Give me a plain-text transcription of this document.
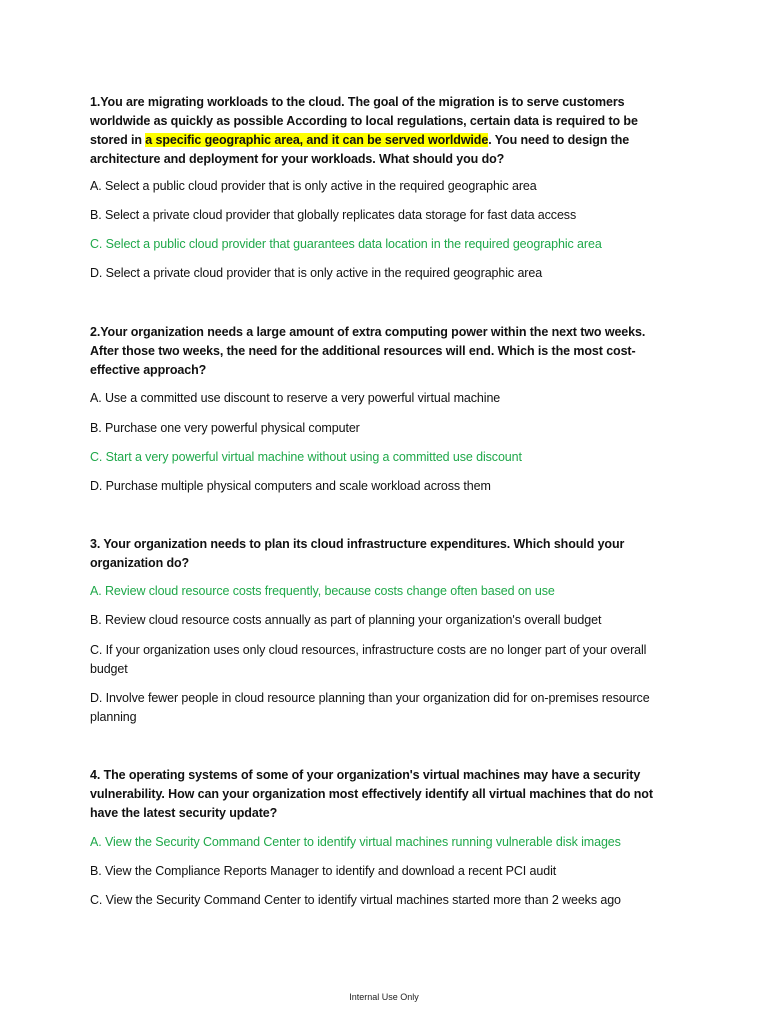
1.You are migrating workloads to the cloud. The goal of the migration is to serve customers worldwide as quickly as possible According to local regulations, certain data is required to be stored in a specific geographic area, and it can be served worldwide. You need to design the architecture and deployment for your workloads. What should you do?
A. Select a public cloud provider that is only active in the required geographic area
B. Select a private cloud provider that globally replicates data storage for fast data access
C. Select a public cloud provider that guarantees data location in the required geographic area
D. Select a private cloud provider that is only active in the required geographic area
2.Your organization needs a large amount of extra computing power within the next two weeks. After those two weeks, the need for the additional resources will end. Which is the most cost-effective approach?
A. Use a committed use discount to reserve a very powerful virtual machine
B. Purchase one very powerful physical computer
C. Start a very powerful virtual machine without using a committed use discount
D. Purchase multiple physical computers and scale workload across them
3. Your organization needs to plan its cloud infrastructure expenditures. Which should your organization do?
A. Review cloud resource costs frequently, because costs change often based on use
B. Review cloud resource costs annually as part of planning your organization's overall budget
C. If your organization uses only cloud resources, infrastructure costs are no longer part of your overall budget
D. Involve fewer people in cloud resource planning than your organization did for on-premises resource planning
4. The operating systems of some of your organization's virtual machines may have a security vulnerability. How can your organization most effectively identify all virtual machines that do not have the latest security update?
A. View the Security Command Center to identify virtual machines running vulnerable disk images
B. View the Compliance Reports Manager to identify and download a recent PCI audit
C. View the Security Command Center to identify virtual machines started more than 2 weeks ago
Internal Use Only
